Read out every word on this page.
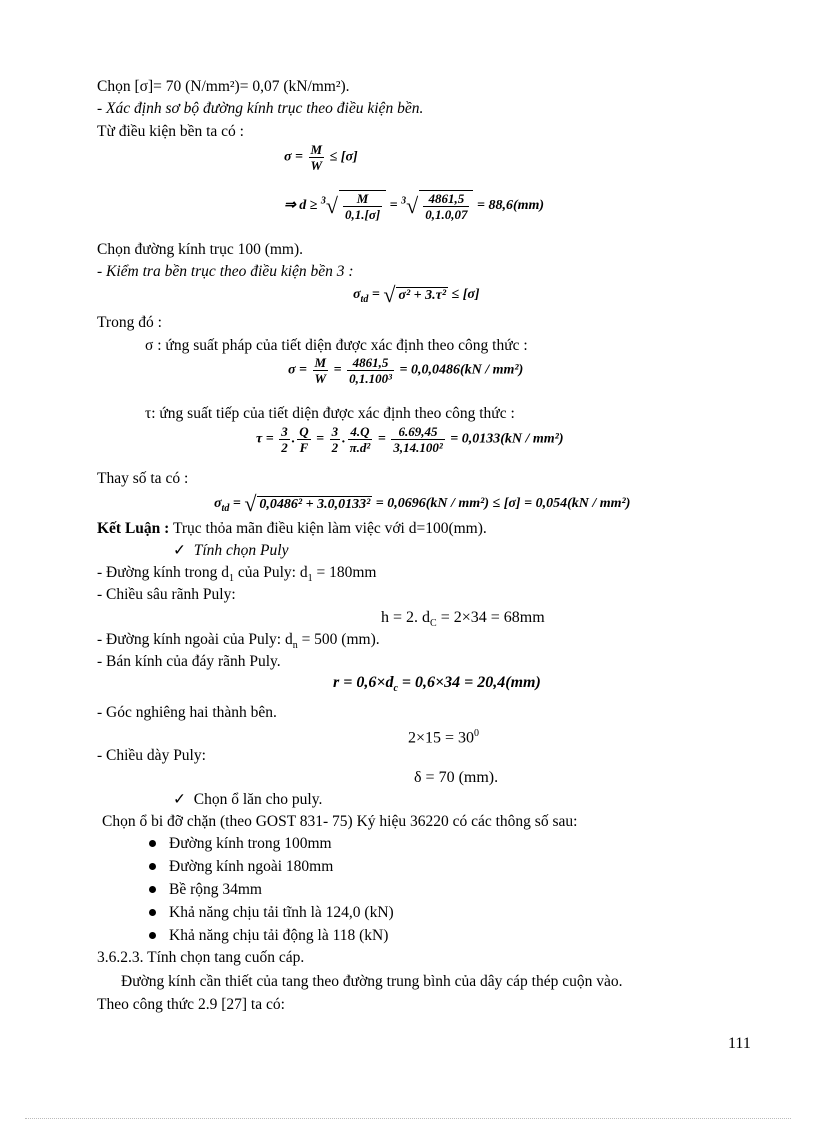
Chọn [σ]= 70 (N/mm²)= 0,07 (kN/mm²).
- Xác định sơ bộ đường kính trục theo điều kiện bền.
Từ điều kiện bền ta có :
$\sigma = \frac{M}{W} \le [\sigma]$
⇒ $d \ge ^3√ \frac{M}{0,1.[\sigma]} = ^3√ \frac{4861,5}{0,1.0,07} = 88,6(mm)$
Chọn đường kính trục 100 (mm).
- Kiểm tra bền trục theo điều kiện bền 3 :
$\sigma_{td}$ = √ σ² + 3.τ² ≤ [σ]
Trong đó :
σ : ứng suất pháp của tiết diện được xác định theo công thức :
$\sigma = \frac{M}{W} = \frac{4861,5}{\text{0,1.100³}} = 0,0,0486(kN / mm^2)$
τ: ứng suất tiếp của tiết diện được xác định theo công thức :
$\tau = \frac{3}{2}$ . $\frac{Q}{F} = \frac{3}{2}$ . $\frac{4.Q}{\text{π.d²}} = \frac{6.69,45}{\text{3,14.100²}} = 0,0133(kN / mm^2)$
Thay số ta có :
$\sigma_{td}$ = √ 0,0486² + 3.0,0133² = 0,0696(kN / mm²) ≤ [σ] = 0,054(kN / mm²)
Kết Luận : Trục thỏa mãn điều kiện làm việc với d=100(mm).
✓ Tính chọn Puly
- Đường kính trong $d_1$ của Puly: $d_1 = 180mm$
- Chiều sâu rãnh Puly:
h = 2. $d_C = 2\times 34 = 68mm$
- Đường kính ngoài của Puly: $d_n = 500$ (mm).
- Bán kính của đáy rãnh Puly.
$r = 0,6\times d_c = 0,6\times 34 = 20,4(mm)$
- Góc nghiêng hai thành bên.
$2\times 15 = 30^0$
- Chiều dày Puly:
δ = 70 (mm).
✓ Chọn ổ lăn cho puly.
Chọn ổ bi đỡ chặn (theo GOST 831- 75) Ký hiệu 36220 có các thông số sau:
Đường kính trong 100mm
Đường kính ngoài 180mm
Bề rộng 34mm
Khả năng chịu tải tĩnh là 124,0 (kN)
Khả năng chịu tải động là 118 (kN)
3.6.2.3. Tính chọn tang cuốn cáp.
Đường kính cần thiết của tang theo đường trung bình của dây cáp thép cuộn vào.
Theo công thức 2.9 [27] ta có:
111
